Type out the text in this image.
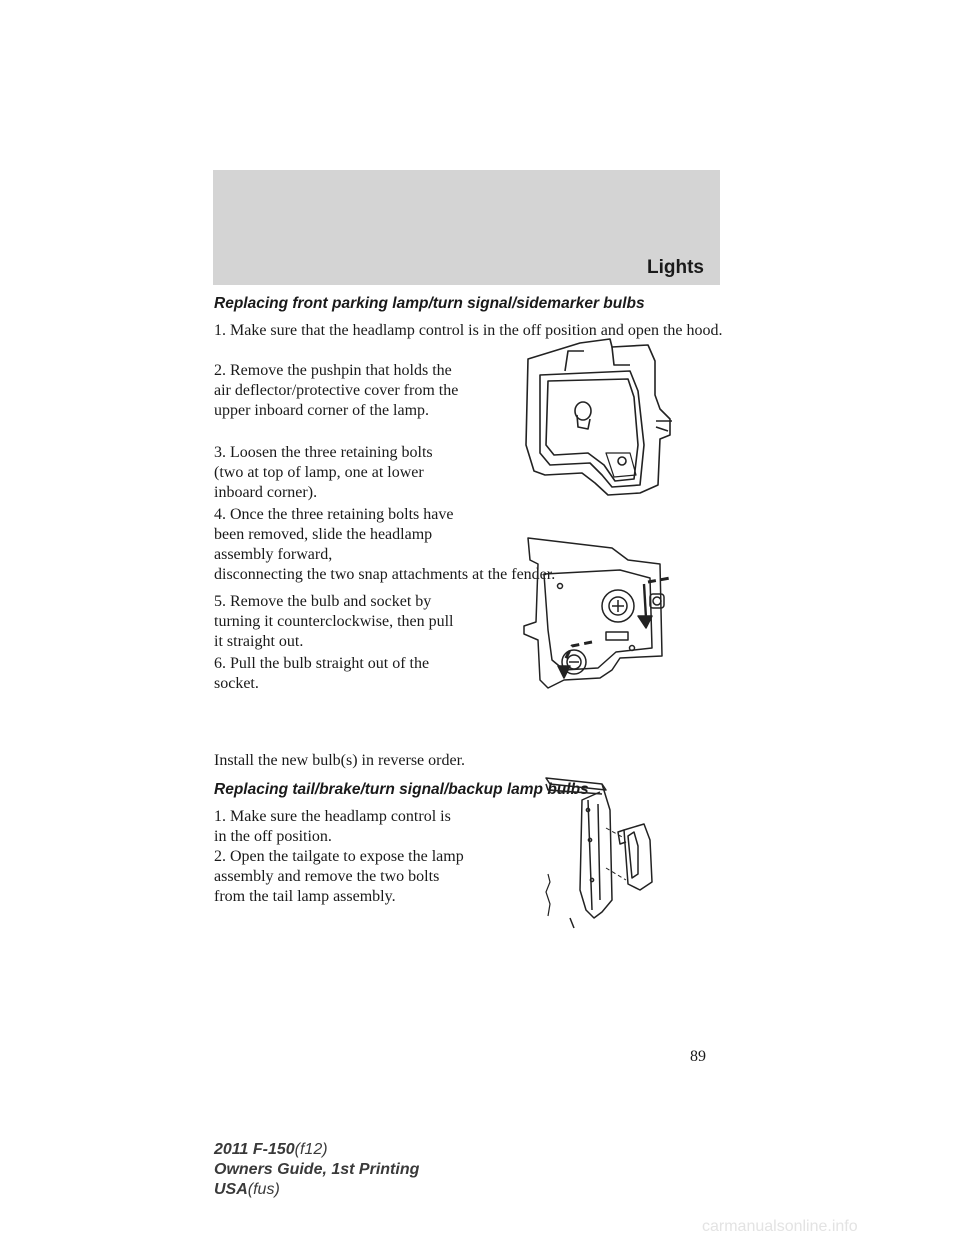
Lights

Replacing front parking lamp/turn signal/sidemarker bulbs

1. Make sure that the headlamp control is in the off position and open the hood.

2. Remove the pushpin that holds the air deflector/protective cover from the upper inboard corner of the lamp.

3. Loosen the three retaining bolts (two at top of lamp, one at lower inboard corner).

4. Once the three retaining bolts have been removed, slide the headlamp assembly forward,

disconnecting the two snap attachments at the fender.

5. Remove the bulb and socket by turning it counterclockwise, then pull it straight out.

6. Pull the bulb straight out of the socket.

Install the new bulb(s) in reverse order.

Replacing tail/brake/turn signal/backup lamp bulbs

1. Make sure the headlamp control is in the off position.

2. Open the tailgate to expose the lamp assembly and remove the two bolts from the tail lamp assembly.

89
2011 F-150(f12)
Owners Guide, 1st Printing
USA(fus)
carmanualsonline.info
